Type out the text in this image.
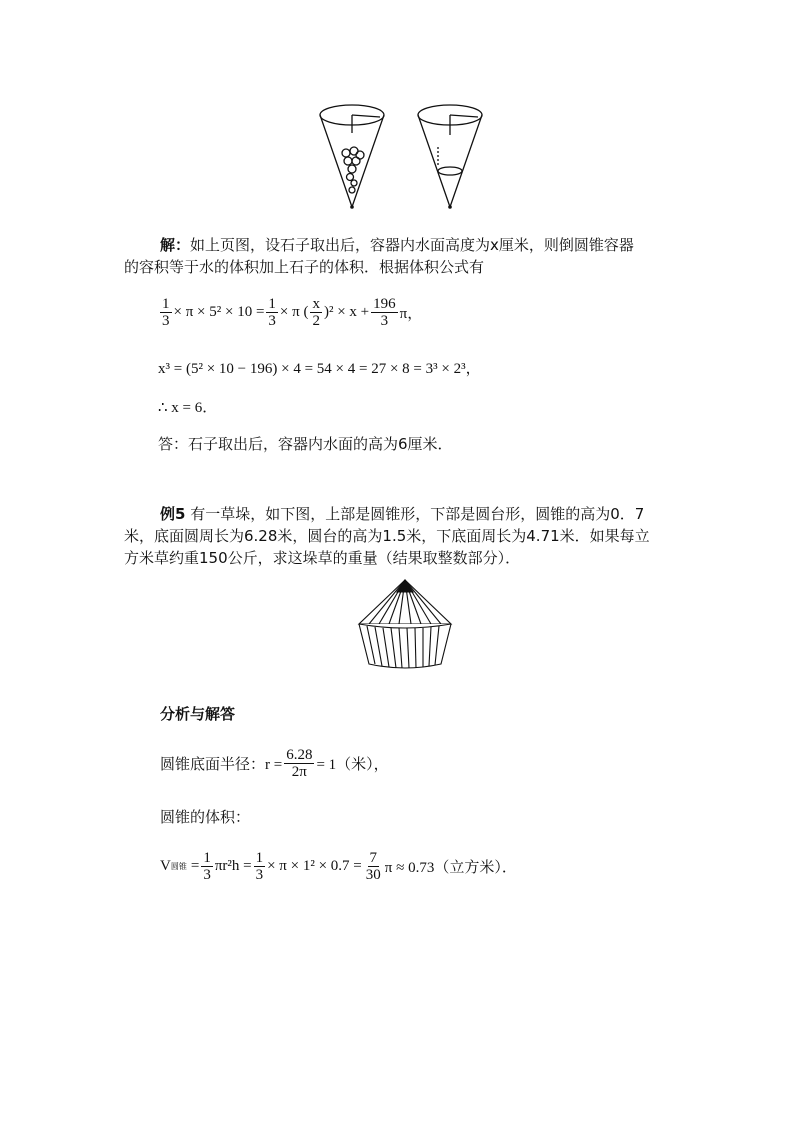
解：如上页图，设石子取出后，容器内水面高度为x厘米，则倒圆锥容器
的容积等于水的体积加上石子的体积．根据体积公式有
$\frac{1}{3} \times \pi \times 5^2 \times 10 = \frac{1}{3} \times \pi$ ( $\frac{x}{2} )^2 \times x + \frac{196}{3}$ π，
x³ = (5² × 10 − 196) × 4 = 54 × 4 = 27 × 8 = 3³ × 2³，
∴ x = 6．
答：石子取出后，容器内水面的高为6厘米．
例5 有一草垛，如下图，上部是圆锥形，下部是圆台形，圆锥的高为0．7
米，底面圆周长为6.28米，圆台的高为1.5米，下底面周长为4.71米．如果每立
方米草约重150公斤，求这垛草的重量（结果取整数部分）．
分析与解答
圆锥底面半径：$r = \frac{6.28}{2\pi} = 1$（米），
圆锥的体积：
V 圆锥 = $\frac{1}{3} \pi r^2h = \frac{1}{3} \times \pi \times 1^2 \times 0.7 = \frac{7}{30}$ π ≈ 0.73（立方米）．
